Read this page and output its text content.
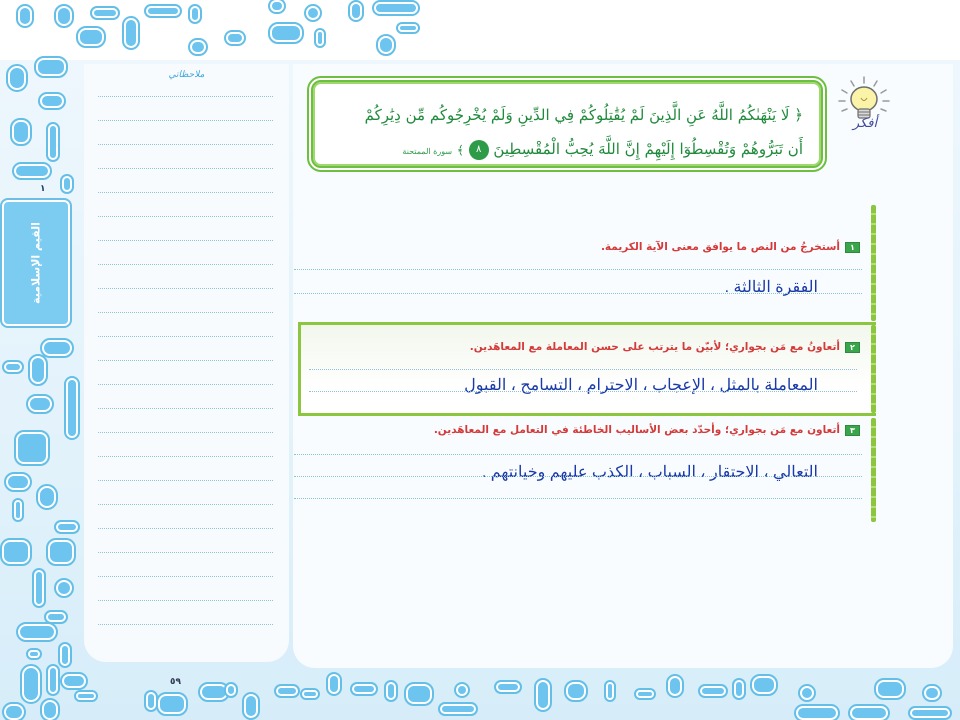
١
القيم الإسلامية
ملاحظاتي
﴿ لَا يَنْهَىٰكُمُ اللَّهُ عَنِ الَّذِينَ لَمْ يُقَٰتِلُوكُمْ فِي الدِّينِ وَلَمْ يُخْرِجُوكُم مِّن دِيَٰرِكُمْ
أَن تَبَرُّوهُمْ وَتُقْسِطُوٓا إِلَيْهِمْ إِنَّ اللَّهَ يُحِبُّ الْمُقْسِطِينَ ٨ ﴾ سورة الممتحنة
أفكر
١
أستخرجُ من النص ما يوافق معنى الآية الكريمة.
الفقرة الثالثة .
٢
أتعاونُ مع مَن بجواري؛ لأبيّن ما يترتب على حسن المعاملة مع المعاهَدين.
المعاملة بالمثل ، الإعجاب ، الاحترام ، التسامح ، القبول
٣
أتعاون مع مَن بجواري؛ وأحدّد بعض الأساليب الخاطئة في التعامل مع المعاهَدين.
التعالي ، الاحتقار ، السباب ، الكذب عليهم وخيانتهم .
٥٩
